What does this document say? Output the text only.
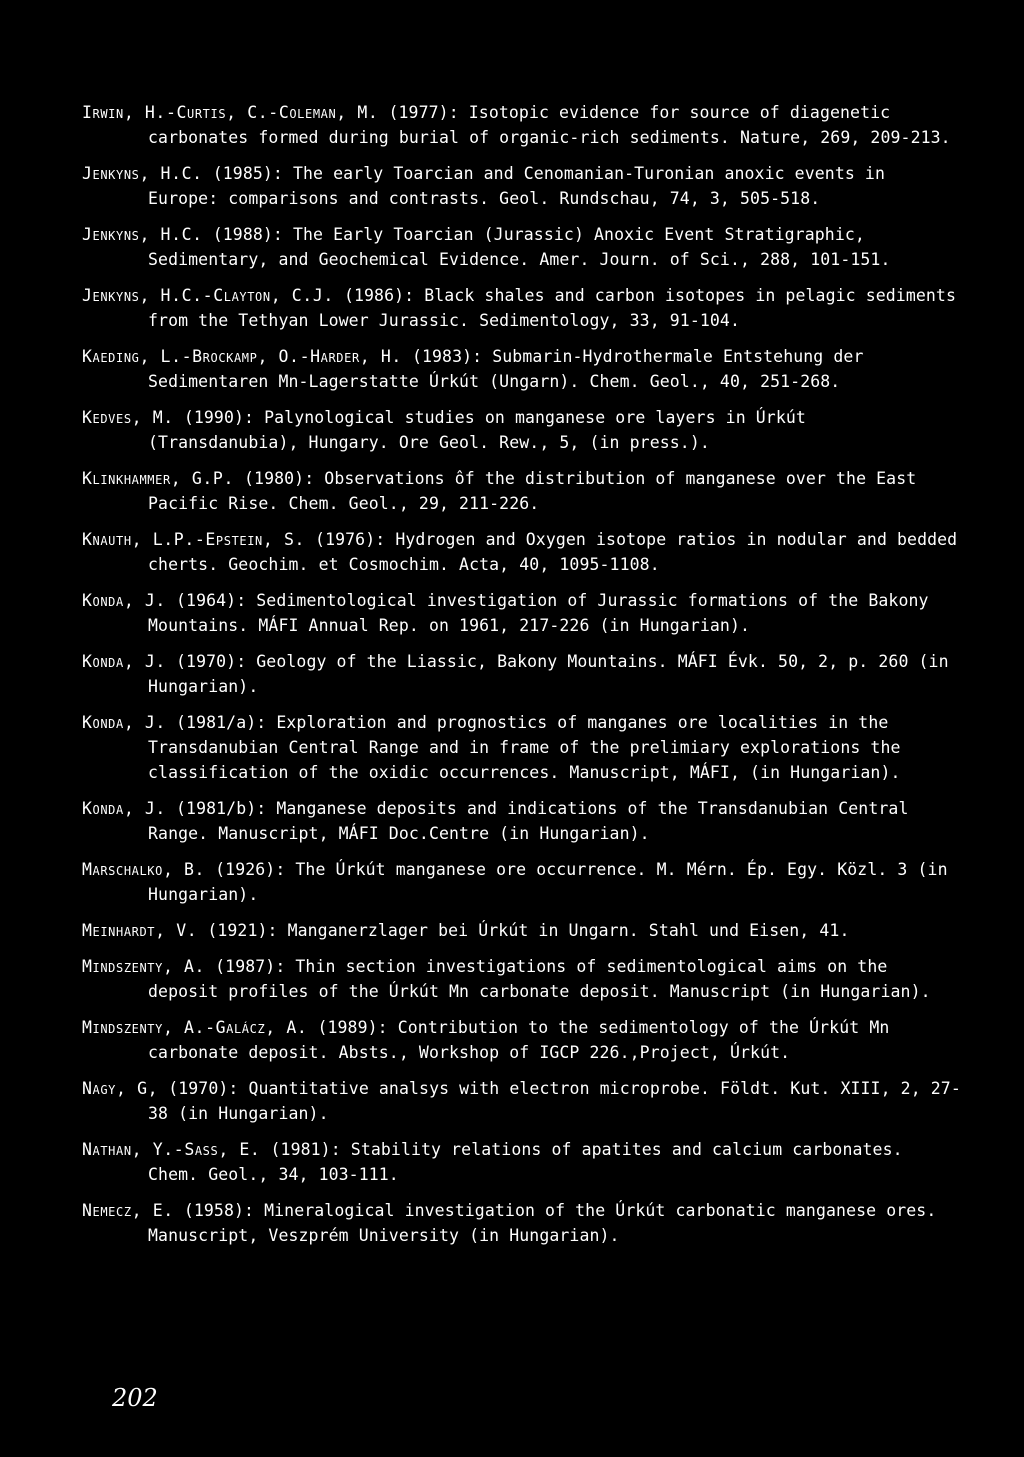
Irwin, H.-Curtis, C.-Coleman, M. (1977): Isotopic evidence for source of diagenetic carbonates formed during burial of organic-rich sediments. Nature, 269, 209-213.

Jenkyns, H.C. (1985): The early Toarcian and Cenomanian-Turonian anoxic events in Europe: comparisons and contrasts. Geol. Rundschau, 74, 3, 505-518.

Jenkyns, H.C. (1988): The Early Toarcian (Jurassic) Anoxic Event Stratigraphic, Sedimentary, and Geochemical Evidence. Amer. Journ. of Sci., 288, 101-151.

Jenkyns, H.C.-Clayton, C.J. (1986): Black shales and carbon isotopes in pelagic sediments from the Tethyan Lower Jurassic. Sedimentology, 33, 91-104.

Kaeding, L.-Brockamp, O.-Harder, H. (1983): Submarin-Hydrothermale Entstehung der Sedimentaren Mn-Lagerstatte Úrkút (Ungarn). Chem. Geol., 40, 251-268.

Kedves, M. (1990): Palynological studies on manganese ore layers in Úrkút (Transdanubia), Hungary. Ore Geol. Rew., 5, (in press.).

Klinkhammer, G.P. (1980): Observations ôf the distribution of manganese over the East Pacific Rise. Chem. Geol., 29, 211-226.

Knauth, L.P.-Epstein, S. (1976): Hydrogen and Oxygen isotope ratios in nodular and bedded cherts. Geochim. et Cosmochim. Acta, 40, 1095-1108.

Konda, J. (1964): Sedimentological investigation of Jurassic formations of the Bakony Mountains. MÁFI Annual Rep. on 1961, 217-226 (in Hungarian).

Konda, J. (1970): Geology of the Liassic, Bakony Mountains. MÁFI Évk. 50, 2, p. 260 (in Hungarian).

Konda, J. (1981/a): Exploration and prognostics of manganes ore localities in the Transdanubian Central Range and in frame of the prelimiary explorations the classification of the oxidic occurrences. Manuscript, MÁFI, (in Hungarian).

Konda, J. (1981/b): Manganese deposits and indications of the Transdanubian Central Range. Manuscript, MÁFI Doc.Centre (in Hungarian).

Marschalko, B. (1926): The Úrkút manganese ore occurrence. M. Mérn. Ép. Egy. Közl. 3 (in Hungarian).

Meinhardt, V. (1921): Manganerzlager bei Úrkút in Ungarn. Stahl und Eisen, 41.

Mindszenty, A. (1987): Thin section investigations of sedimentological aims on the deposit profiles of the Úrkút Mn carbonate deposit. Manuscript (in Hungarian).

Mindszenty, A.-Galácz, A. (1989): Contribution to the sedimentology of the Úrkút Mn carbonate deposit. Absts., Workshop of IGCP 226.,Project, Úrkút.

Nagy, G, (1970): Quantitative analsys with electron microprobe. Földt. Kut. XIII, 2, 27-38 (in Hungarian).

Nathan, Y.-Sass, E. (1981): Stability relations of apatites and calcium carbonates. Chem. Geol., 34, 103-111.

Nemecz, E. (1958): Mineralogical investigation of the Úrkút carbonatic manganese ores. Manuscript, Veszprém University (in Hungarian).

202
